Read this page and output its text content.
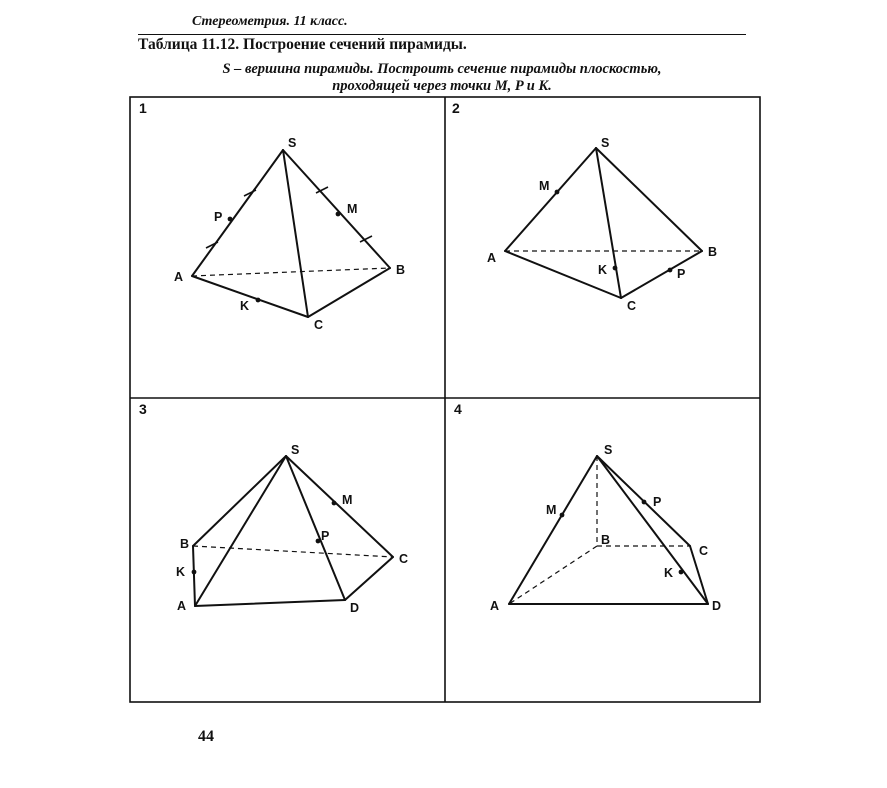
Стереометрия. 11 класс.
Таблица 11.12. Построение сечений пирамиды.
S – вершина пирамиды. Построить сечение пирамиды плоскостью,
проходящей через точки M, P и K.
1
S
A	B
C
M
P
K
2
S
A	B
C
M
K	P
3
S
M
P
B
C
K
A	D
4
S
M
P
B
C
K
A	D
44
